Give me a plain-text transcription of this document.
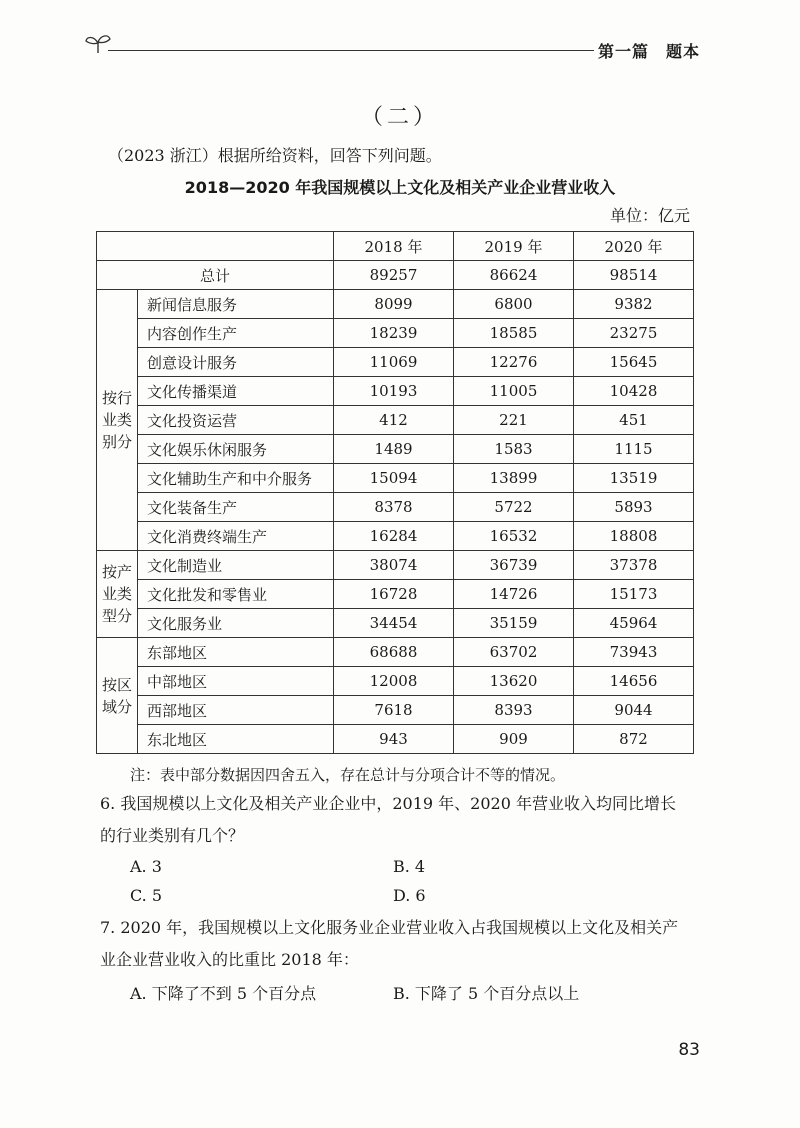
第一篇　题本
（二）
（2023 浙江）根据所给资料，回答下列问题。
2018—2020 年我国规模以上文化及相关产业企业营业收入
单位：亿元
		2018 年	2019 年	2020 年
总计		89257	86624	98514

按行
业类
别分	新闻信息服务	8099	6800	9382
	内容创作生产	18239	18585	23275
	创意设计服务	11069	12276	15645
	文化传播渠道	10193	11005	10428
	文化投资运营	412	221	451
	文化娱乐休闲服务	1489	1583	1115
	文化辅助生产和中介服务	15094	13899	13519
	文化装备生产	8378	5722	5893
	文化消费终端生产	16284	16532	18808

按产
业类
型分	文化制造业	38074	36739	37378
	文化批发和零售业	16728	14726	15173
	文化服务业	34454	35159	45964

按区
域分	东部地区	68688	63702	73943
	中部地区	12008	13620	14656
	西部地区	7618	8393	9044
	东北地区	943	909	872
注：表中部分数据因四舍五入，存在总计与分项合计不等的情况。
6. 我国规模以上文化及相关产业企业中，2019 年、2020 年营业收入均同比增长的行业类别有几个？
A. 3	B. 4
C. 5	D. 6
7. 2020 年，我国规模以上文化服务业企业营业收入占我国规模以上文化及相关产业企业营业收入的比重比 2018 年：
A. 下降了不到 5 个百分点	B. 下降了 5 个百分点以上
83
